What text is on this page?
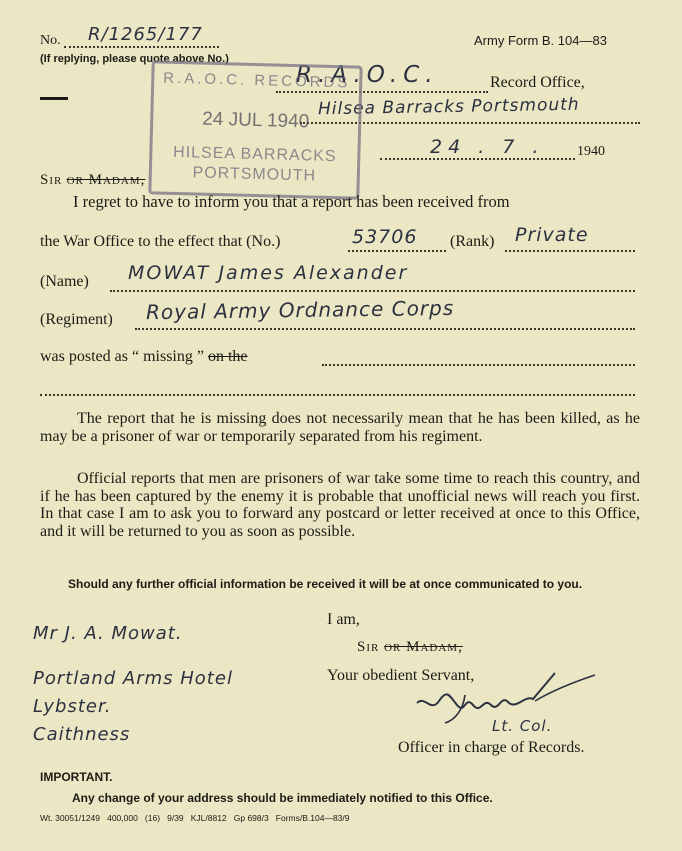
No. R/1265/177
(If replying, please quote above No.)
Army Form B. 104—83
R.A.O.C.	Record Office,
Hilsea Barracks Portsmouth
24 . 7 . 1940
R.A.O.C. RECORDS
24 JUL 1940
HILSEA BARRACKS
PORTSMOUTH
Sir or Madam,
I regret to have to inform you that a report has been received from
the War Office to the effect that (No.)	53706 (Rank) Private
(Name) MOWAT James Alexander
(Regiment) Royal Army Ordnance Corps
was posted as “ missing ” on the
The report that he is missing does not necessarily mean that he has been killed, as he may be a prisoner of war or temporarily separated from his regiment.
Official reports that men are prisoners of war take some time to reach this country, and if he has been captured by the enemy it is probable that unofficial news will reach you first. In that case I am to ask you to forward any postcard or letter received at once to this Office, and it will be returned to you as soon as possible.
Should any further official information be received it will be at once communicated to you.
I am,
Sir or Madam,
Your obedient Servant,
Lt. Col.
Officer in charge of Records.
Mr J. A. Mowat.
Portland Arms Hotel
Lybster.
Caithness
IMPORTANT.
Any change of your address should be immediately notified to this Office.
Wt. 30051/1249   400,000   (16)   9/39   KJL/8812   Gp 698/3   Forms/B.104—83/9
